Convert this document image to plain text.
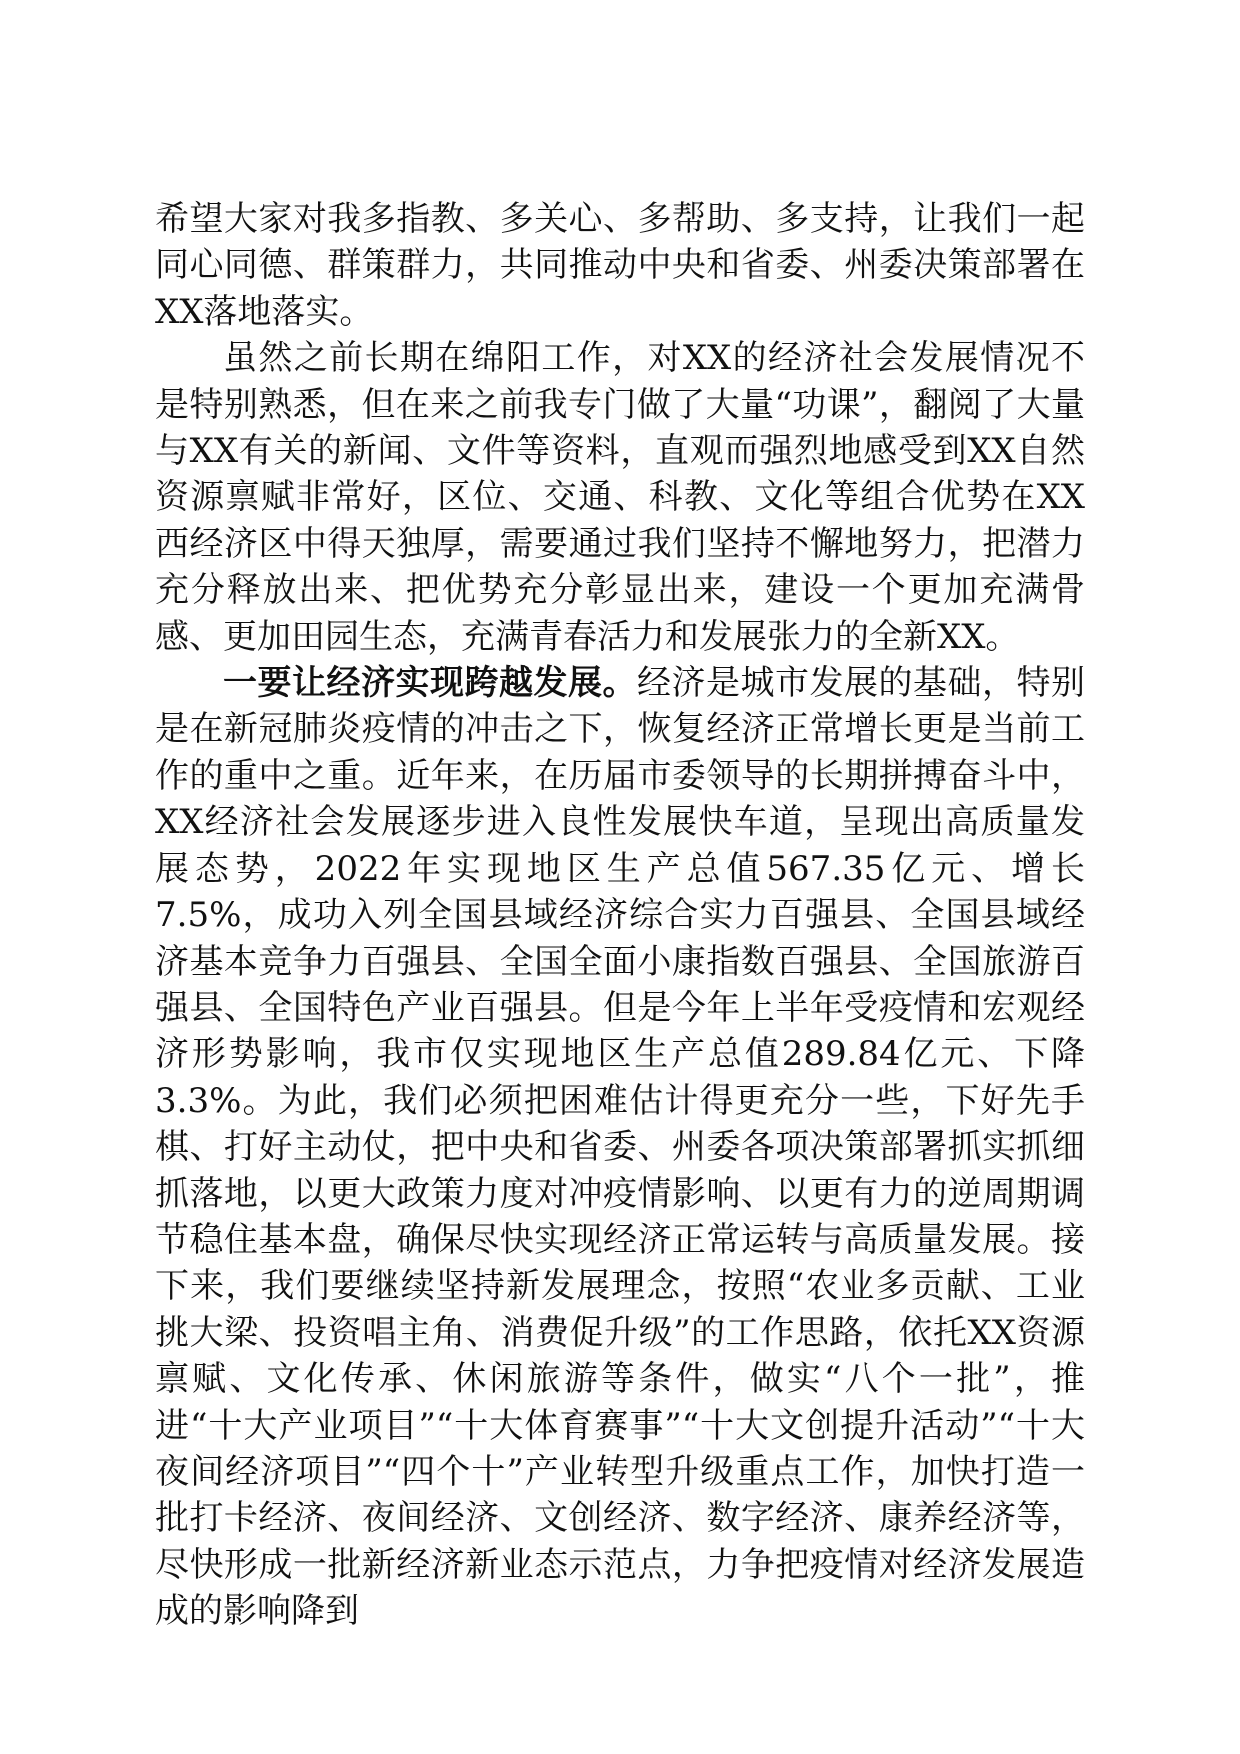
希望大家对我多指教、多关心、多帮助、多支持，让我们一起同心同德、群策群力，共同推动中央和省委、州委决策部署在XX落地落实。

虽然之前长期在绵阳工作，对XX的经济社会发展情况不是特别熟悉，但在来之前我专门做了大量“功课”，翻阅了大量与XX有关的新闻、文件等资料，直观而强烈地感受到XX自然资源禀赋非常好，区位、交通、科教、文化等组合优势在XX西经济区中得天独厚，需要通过我们坚持不懈地努力，把潜力充分释放出来、把优势充分彰显出来，建设一个更加充满骨感、更加田园生态，充满青春活力和发展张力的全新XX。

一要让经济实现跨越发展。经济是城市发展的基础，特别是在新冠肺炎疫情的冲击之下，恢复经济正常增长更是当前工作的重中之重。近年来，在历届市委领导的长期拼搏奋斗中，XX经济社会发展逐步进入良性发展快车道，呈现出高质量发展态势，2022年实现地区生产总值567.35亿元、增长7.5%，成功入列全国县域经济综合实力百强县、全国县域经济基本竞争力百强县、全国全面小康指数百强县、全国旅游百强县、全国特色产业百强县。但是今年上半年受疫情和宏观经济形势影响，我市仅实现地区生产总值289.84亿元、下降3.3%。为此，我们必须把困难估计得更充分一些，下好先手棋、打好主动仗，把中央和省委、州委各项决策部署抓实抓细抓落地，以更大政策力度对冲疫情影响、以更有力的逆周期调节稳住基本盘，确保尽快实现经济正常运转与高质量发展。接下来，我们要继续坚持新发展理念，按照“农业多贡献、工业挑大梁、投资唱主角、消费促升级”的工作思路，依托XX资源禀赋、文化传承、休闲旅游等条件，做实“八个一批”，推进“十大产业项目”“十大体育赛事”“十大文创提升活动”“十大夜间经济项目”“四个十”产业转型升级重点工作，加快打造一批打卡经济、夜间经济、文创经济、数字经济、康养经济等，尽快形成一批新经济新业态示范点，力争把疫情对经济发展造成的影响降到
